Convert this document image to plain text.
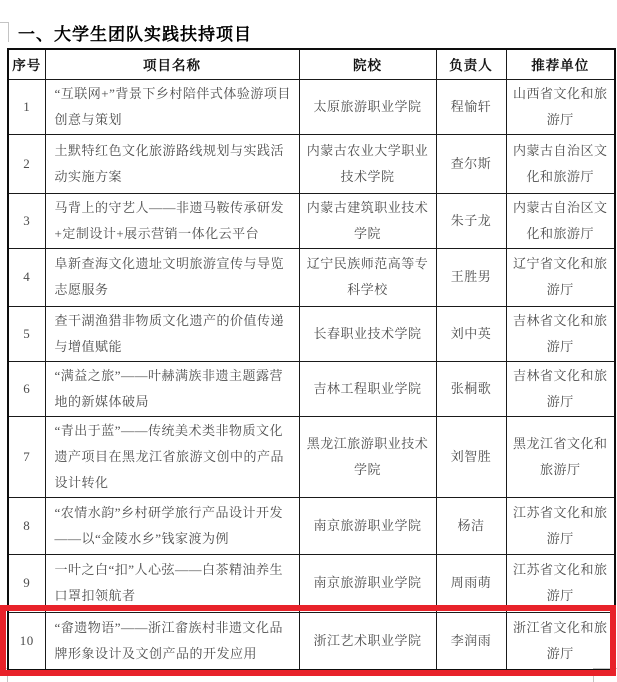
一、大学生团队实践扶持项目
序号	项目名称	院校	负责人	推荐单位
1	“互联网+”背景下乡村陪伴式体验游项目创意与策划	太原旅游职业学院	程愉轩	山西省文化和旅游厅
2	土默特红色文化旅游路线规划与实践活动实施方案	内蒙古农业大学职业技术学院	查尔斯	内蒙古自治区文化和旅游厅
3	马背上的守艺人——非遗马鞍传承研发+定制设计+展示营销一体化云平台	内蒙古建筑职业技术学院	朱子龙	内蒙古自治区文化和旅游厅
4	阜新查海文化遗址文明旅游宣传与导览志愿服务	辽宁民族师范高等专科学校	王胜男	辽宁省文化和旅游厅
5	查干湖渔猎非物质文化遗产的价值传递与增值赋能	长春职业技术学院	刘中英	吉林省文化和旅游厅
6	“满益之旅”——叶赫满族非遗主题露营地的新媒体破局	吉林工程职业学院	张桐歌	吉林省文化和旅游厅
7	“青出于蓝”——传统美术类非物质文化遗产项目在黑龙江省旅游文创中的产品设计转化	黑龙江旅游职业技术学院	刘智胜	黑龙江省文化和旅游厅
8	“农情水韵”乡村研学旅行产品设计开发——以“金陵水乡”钱家渡为例	南京旅游职业学院	杨洁	江苏省文化和旅游厅
9	一叶之白“扣”人心弦——白茶精油养生口罩扣领航者	南京旅游职业学院	周雨萌	江苏省文化和旅游厅
10	“畲遗物语”——浙江畲族村非遗文化品牌形象设计及文创产品的开发应用	浙江艺术职业学院	李润雨	浙江省文化和旅游厅
